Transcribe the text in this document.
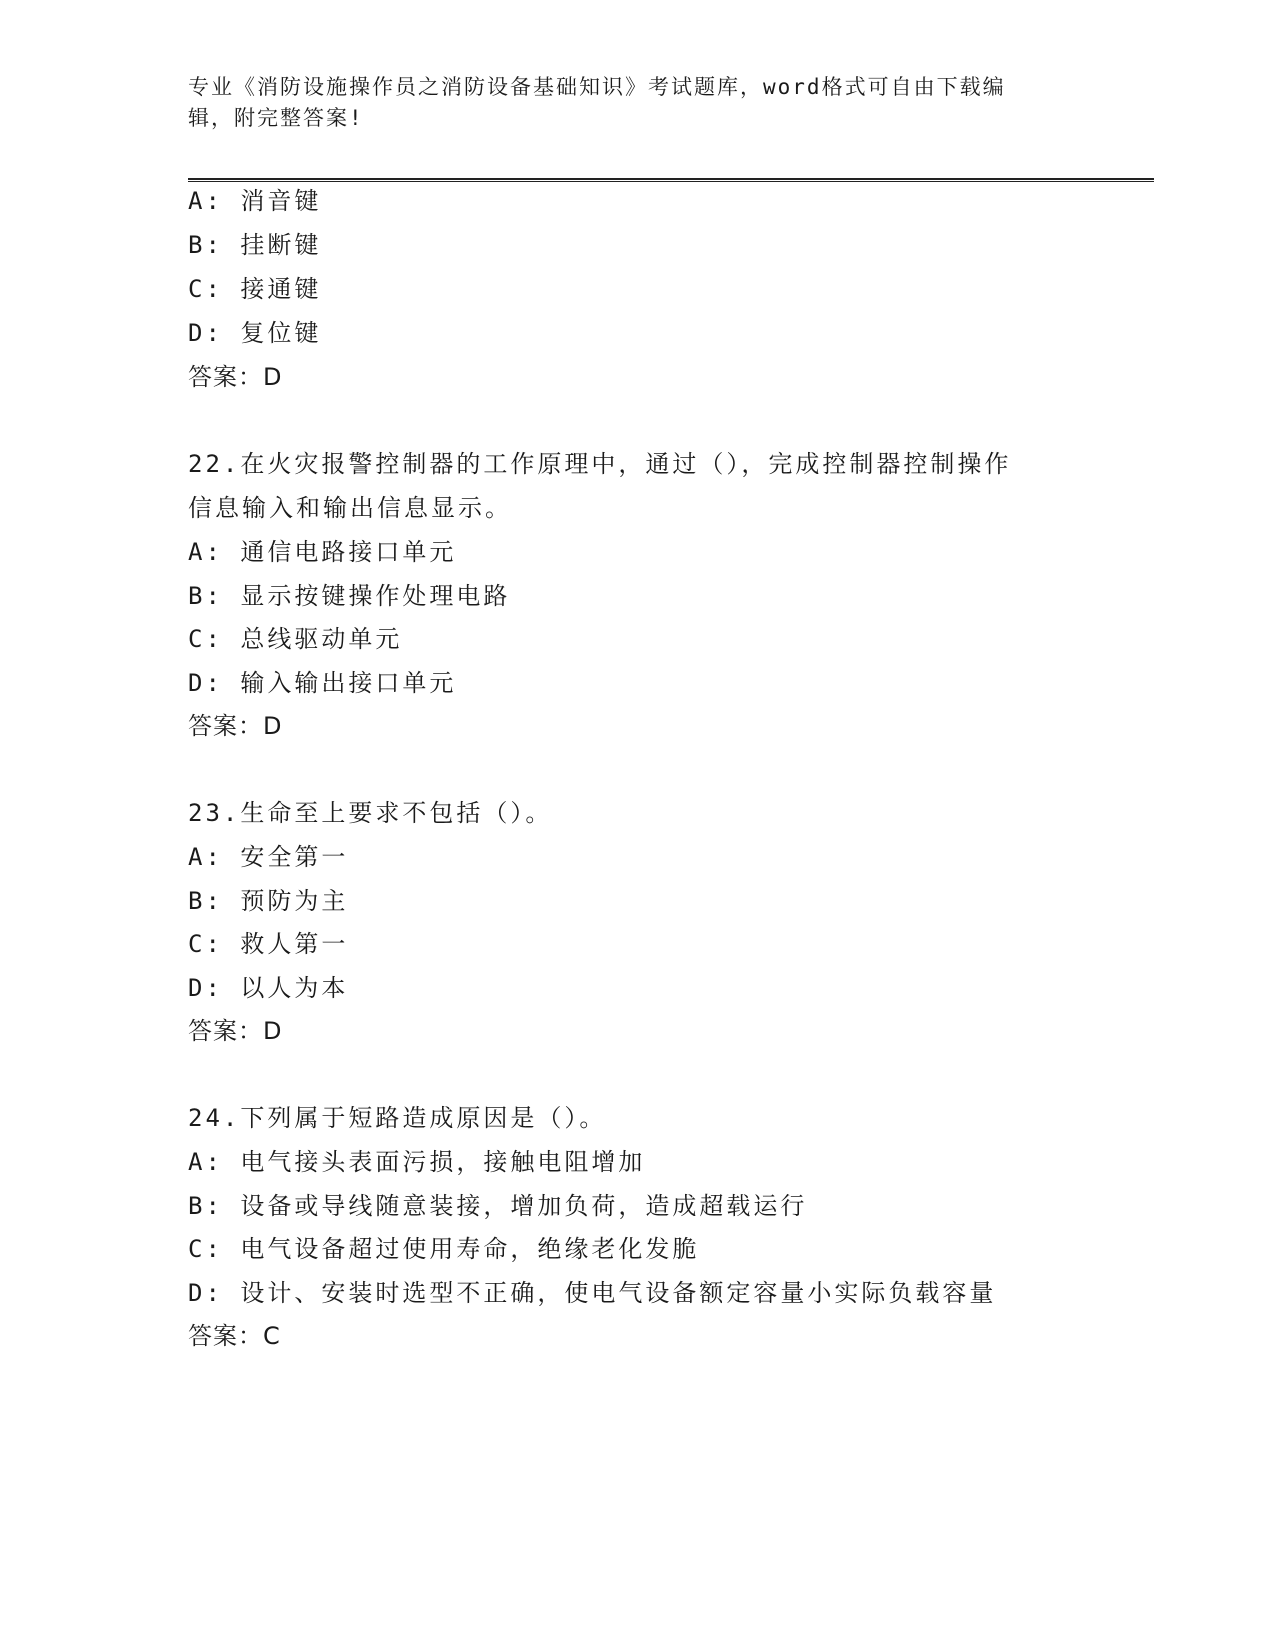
专业《消防设施操作员之消防设备基础知识》考试题库，word格式可自由下载编
辑，附完整答案!
A: 消音键
B: 挂断键
C: 接通键
D: 复位键
答案：D
22.在火灾报警控制器的工作原理中，通过（），完成控制器控制操作
信息输入和输出信息显示。
A: 通信电路接口单元
B: 显示按键操作处理电路
C: 总线驱动单元
D: 输入输出接口单元
答案：D
23.生命至上要求不包括（）。
A: 安全第一
B: 预防为主
C: 救人第一
D: 以人为本
答案：D
24.下列属于短路造成原因是（）。
A: 电气接头表面污损，接触电阻增加
B: 设备或导线随意装接，增加负荷，造成超载运行
C: 电气设备超过使用寿命，绝缘老化发脆
D: 设计、安装时选型不正确，使电气设备额定容量小实际负载容量
答案：C
